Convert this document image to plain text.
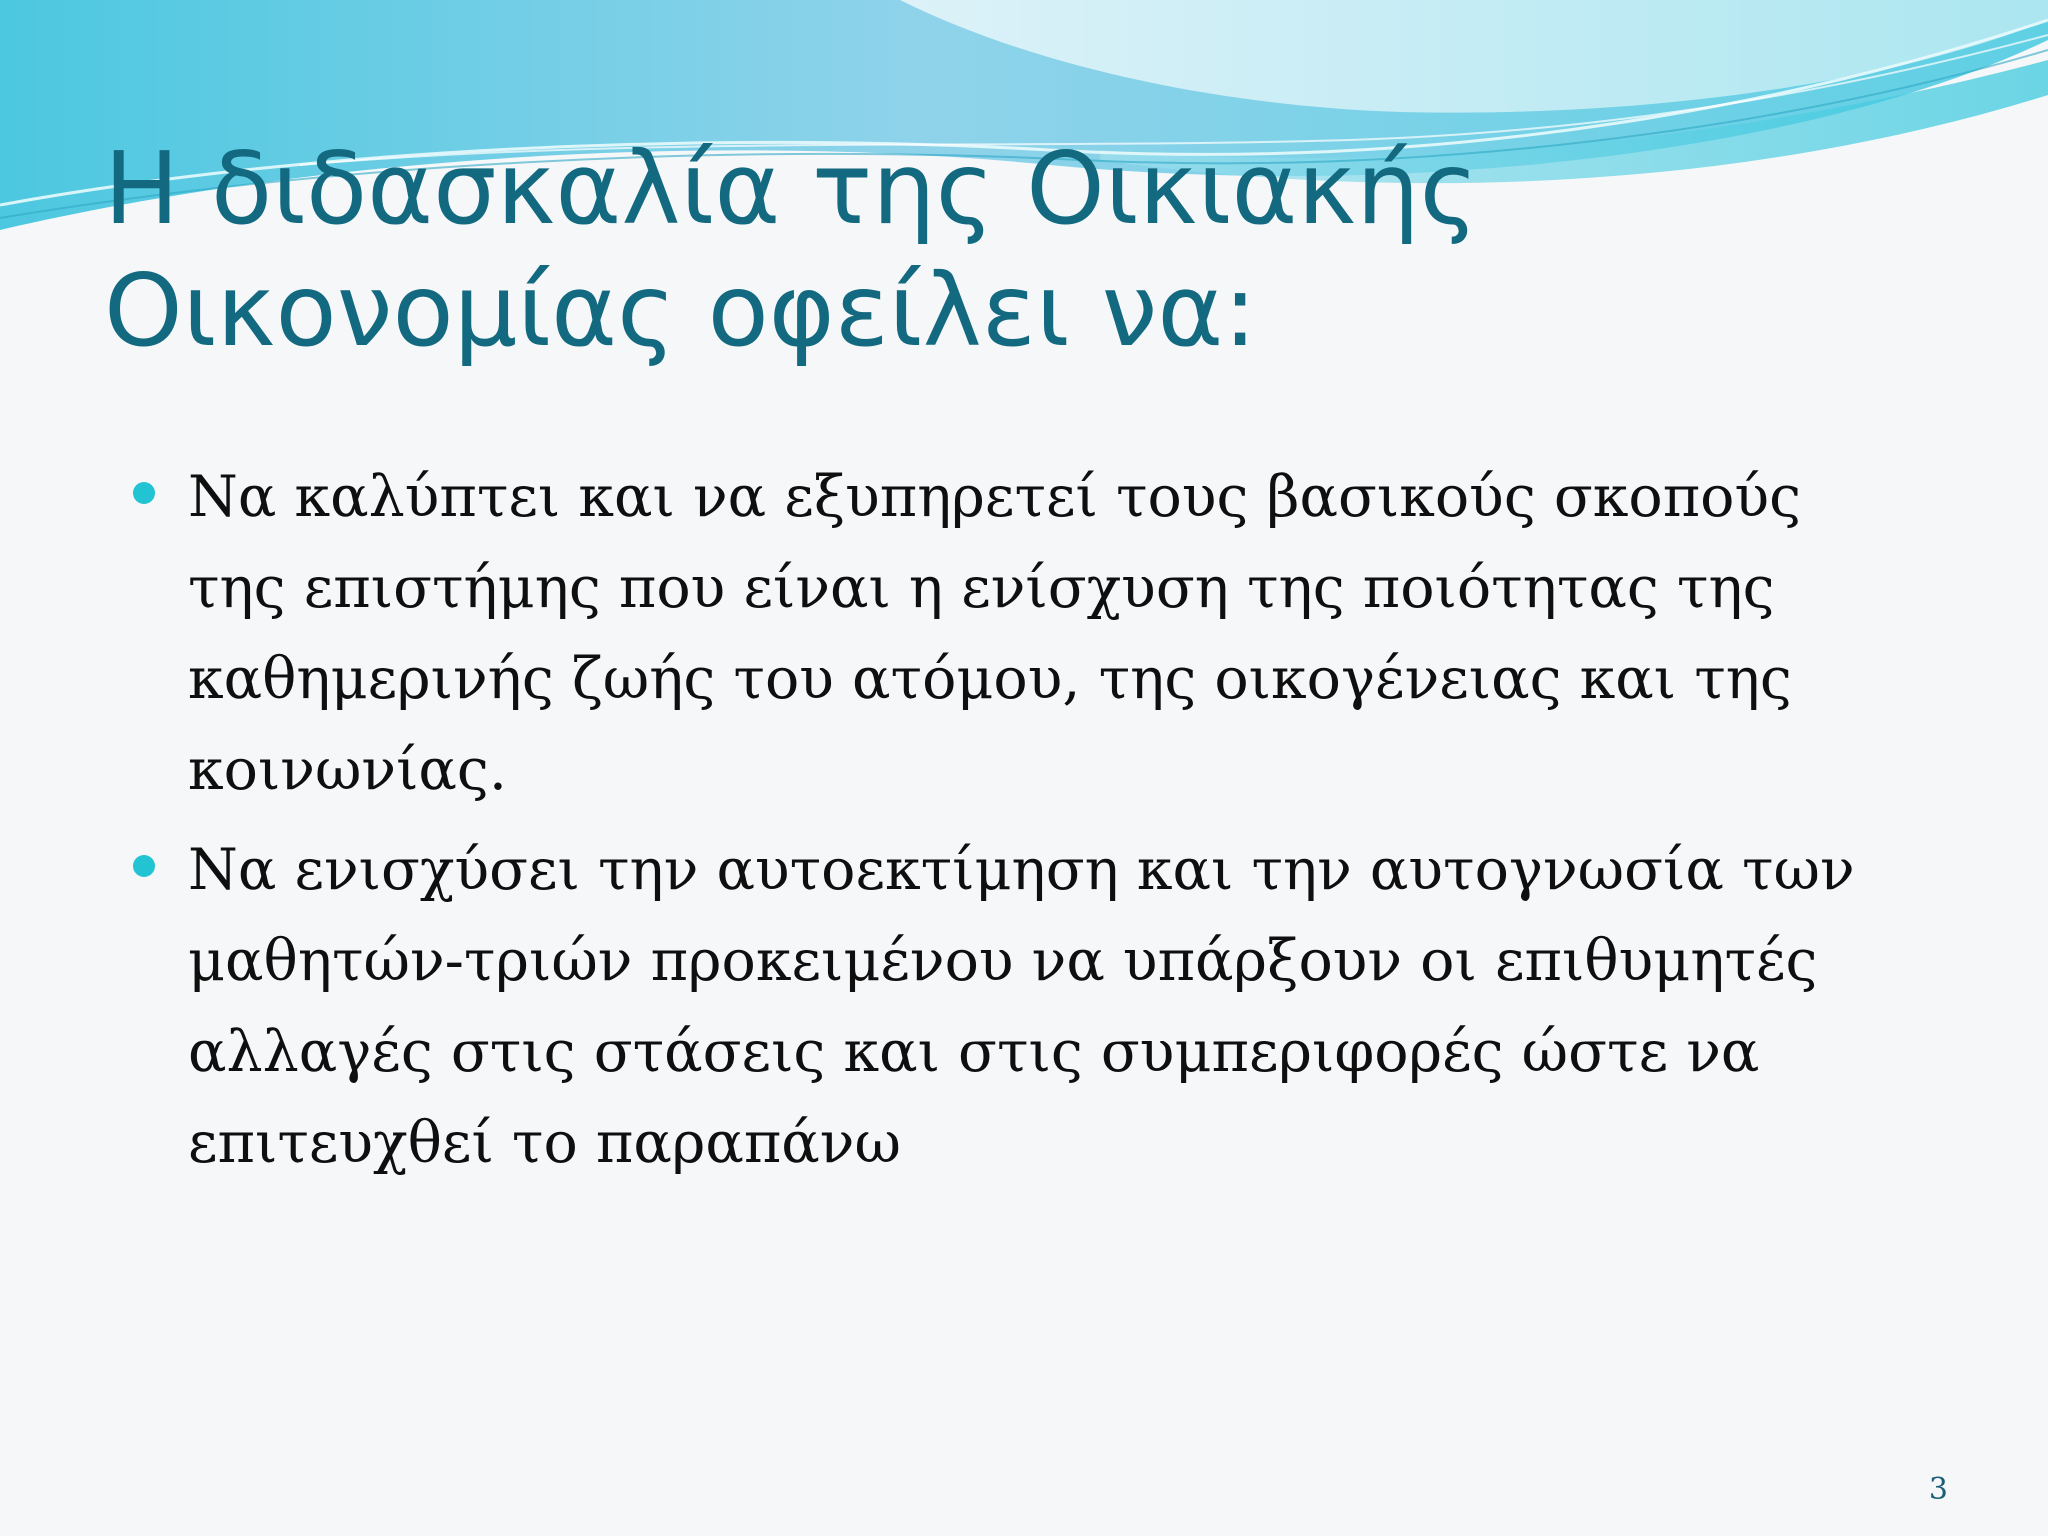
Η διδασκαλία της Οικιακής
Οικονομίας οφείλει να:
Να καλύπτει και να εξυπηρετεί τους βασικούς σκοπούς
της επιστήμης που είναι η ενίσχυση της ποιότητας της
καθημερινής ζωής του ατόμου, της οικογένειας και της
κοινωνίας.
Να ενισχύσει την αυτοεκτίμηση και την αυτογνωσία των
μαθητών-τριών προκειμένου να υπάρξουν οι επιθυμητές
αλλαγές στις στάσεις και στις συμπεριφορές ώστε να
επιτευχθεί το παραπάνω
3
